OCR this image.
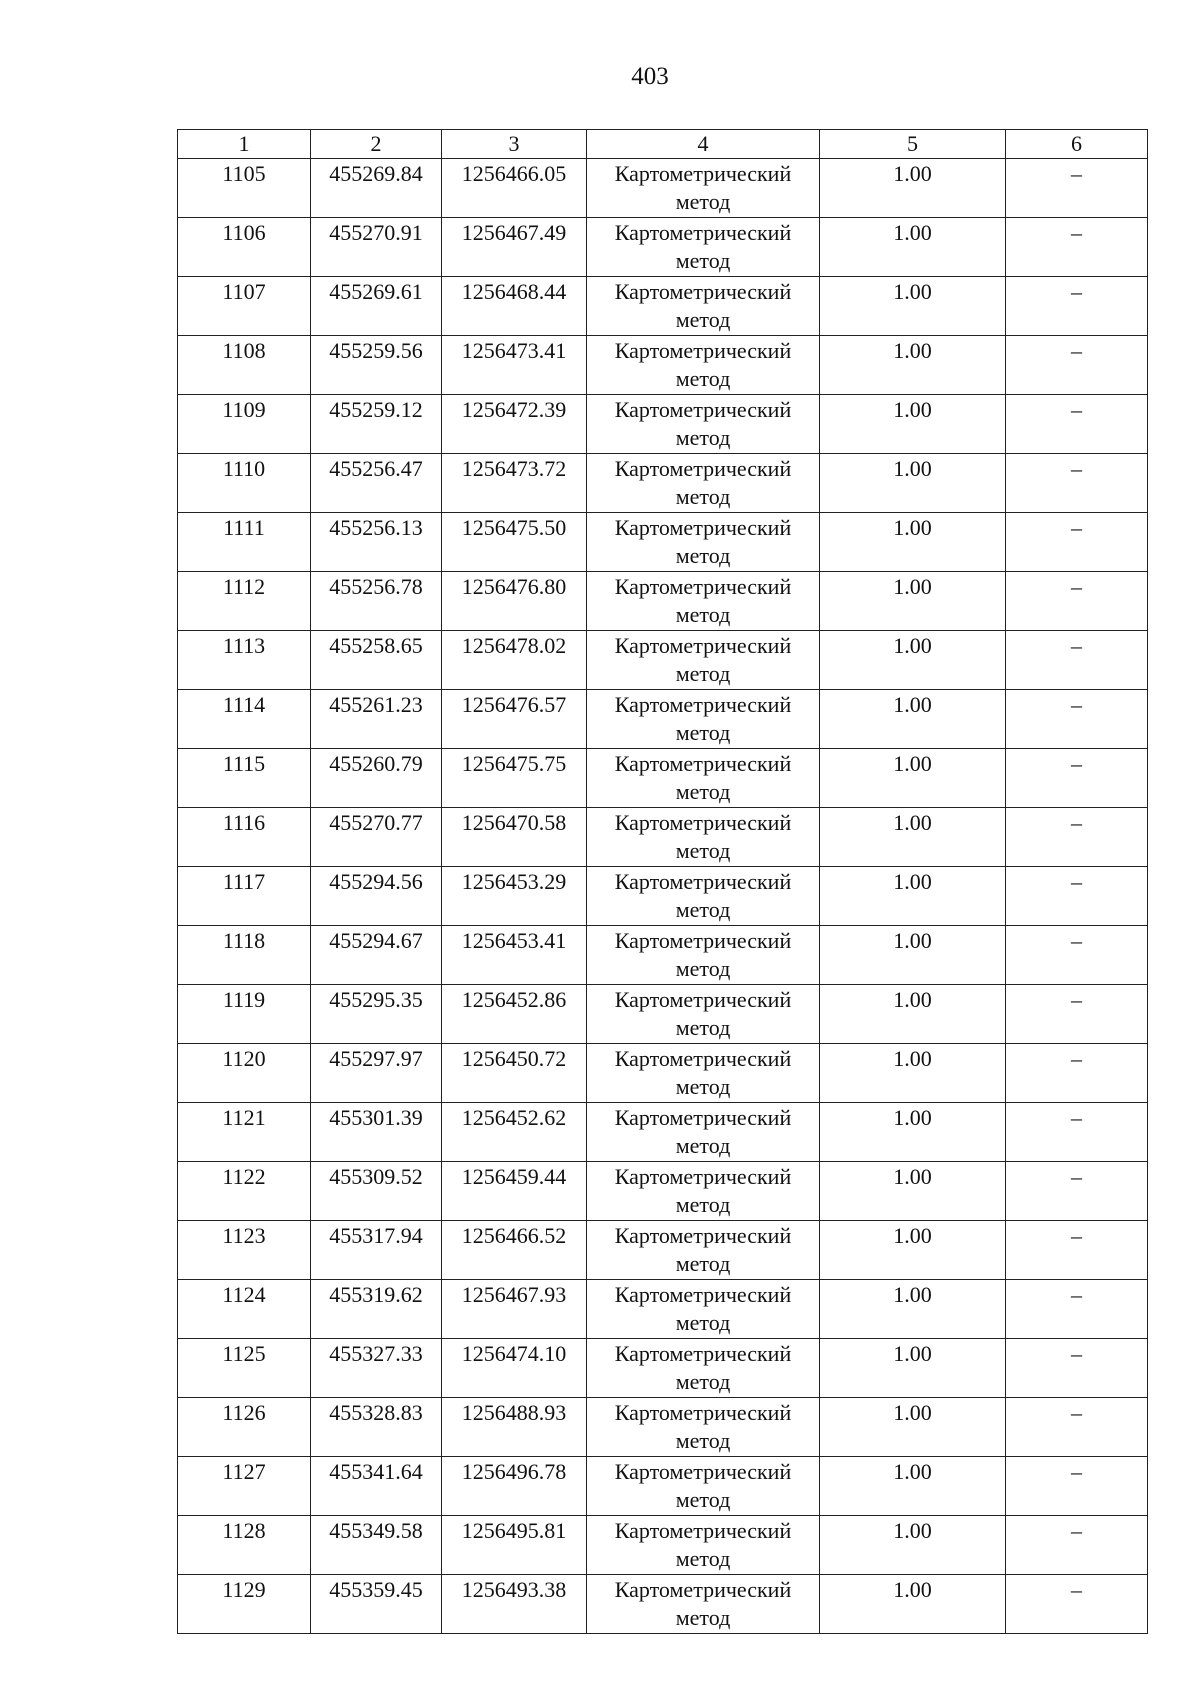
403
1	2	3	4	5	6
1105	455269.84	1256466.05	Картометрический метод	1.00	–
1106	455270.91	1256467.49	Картометрический метод	1.00	–
1107	455269.61	1256468.44	Картометрический метод	1.00	–
1108	455259.56	1256473.41	Картометрический метод	1.00	–
1109	455259.12	1256472.39	Картометрический метод	1.00	–
1110	455256.47	1256473.72	Картометрический метод	1.00	–
1111	455256.13	1256475.50	Картометрический метод	1.00	–
1112	455256.78	1256476.80	Картометрический метод	1.00	–
1113	455258.65	1256478.02	Картометрический метод	1.00	–
1114	455261.23	1256476.57	Картометрический метод	1.00	–
1115	455260.79	1256475.75	Картометрический метод	1.00	–
1116	455270.77	1256470.58	Картометрический метод	1.00	–
1117	455294.56	1256453.29	Картометрический метод	1.00	–
1118	455294.67	1256453.41	Картометрический метод	1.00	–
1119	455295.35	1256452.86	Картометрический метод	1.00	–
1120	455297.97	1256450.72	Картометрический метод	1.00	–
1121	455301.39	1256452.62	Картометрический метод	1.00	–
1122	455309.52	1256459.44	Картометрический метод	1.00	–
1123	455317.94	1256466.52	Картометрический метод	1.00	–
1124	455319.62	1256467.93	Картометрический метод	1.00	–
1125	455327.33	1256474.10	Картометрический метод	1.00	–
1126	455328.83	1256488.93	Картометрический метод	1.00	–
1127	455341.64	1256496.78	Картометрический метод	1.00	–
1128	455349.58	1256495.81	Картометрический метод	1.00	–
1129	455359.45	1256493.38	Картометрический метод	1.00	–
